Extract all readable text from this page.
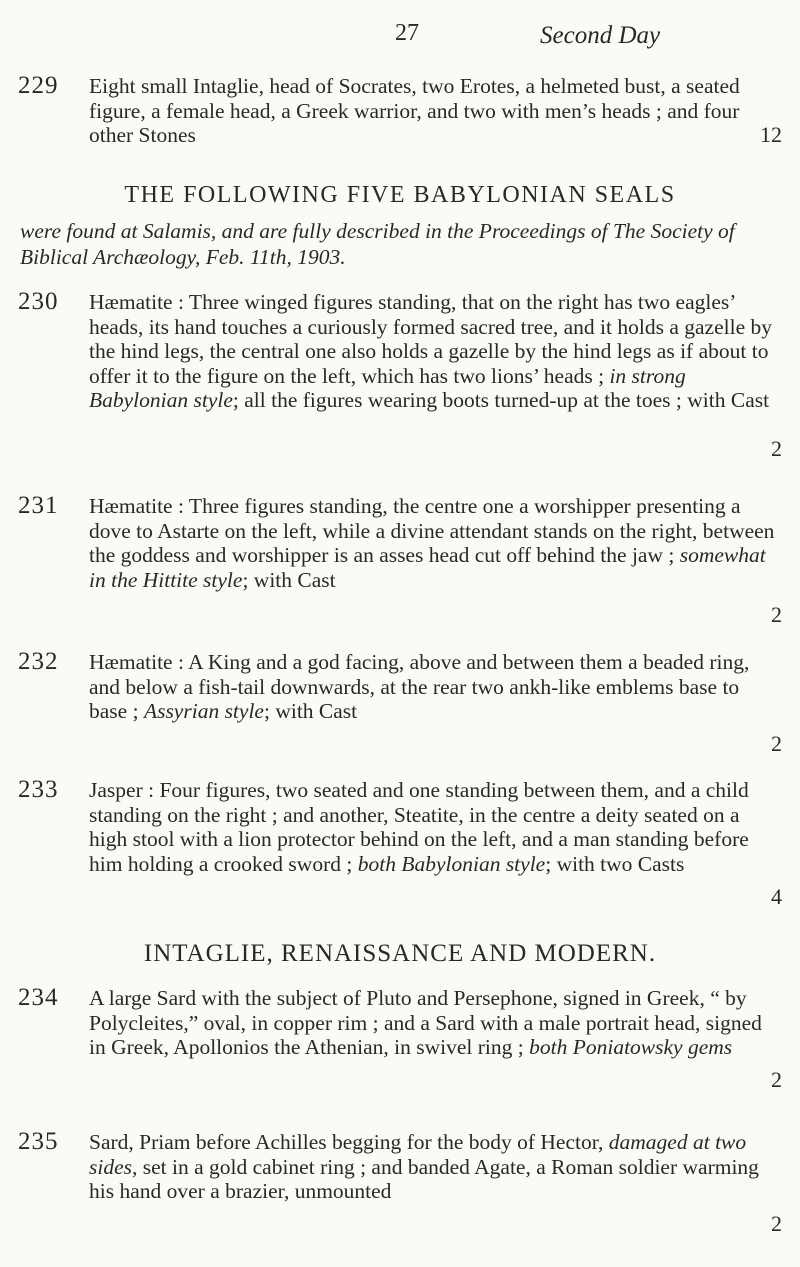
27	Second Day
229 Eight small Intaglie, head of Socrates, two Erotes, a helmeted bust, a seated figure, a female head, a Greek warrior, and two with men’s heads ; and four other Stones	12
THE FOLLOWING FIVE BABYLONIAN SEALS
were found at Salamis, and are fully described in the Proceedings of The Society of Biblical Archæology, Feb. 11th, 1903.
230 Hæmatite : Three winged figures standing, that on the right has two eagles’ heads, its hand touches a curiously formed sacred tree, and it holds a gazelle by the hind legs, the central one also holds a gazelle by the hind legs as if about to offer it to the figure on the left, which has two lions’ heads ; in strong Babylonian style; all the figures wearing boots turned-up at the toes ; with Cast
2
231 Hæmatite : Three figures standing, the centre one a worshipper presenting a dove to Astarte on the left, while a divine attendant stands on the right, between the goddess and worshipper is an asses head cut off behind the jaw ; somewhat in the Hittite style; with Cast
2
232 Hæmatite : A King and a god facing, above and between them a beaded ring, and below a fish-tail downwards, at the rear two ankh-like emblems base to base ; Assyrian style; with Cast
2
233 Jasper : Four figures, two seated and one standing between them, and a child standing on the right ; and another, Steatite, in the centre a deity seated on a high stool with a lion protector behind on the left, and a man standing before him holding a crooked sword ; both Babylonian style; with two Casts
4
INTAGLIE, RENAISSANCE AND MODERN.
234 A large Sard with the subject of Pluto and Persephone, signed in Greek, “ by Polycleites,” oval, in copper rim ; and a Sard with a male portrait head, signed in Greek, Apollonios the Athenian, in swivel ring ; both Poniatowsky gems
2
235 Sard, Priam before Achilles begging for the body of Hector, damaged at two sides, set in a gold cabinet ring ; and banded Agate, a Roman soldier warming his hand over a brazier, unmounted
2
